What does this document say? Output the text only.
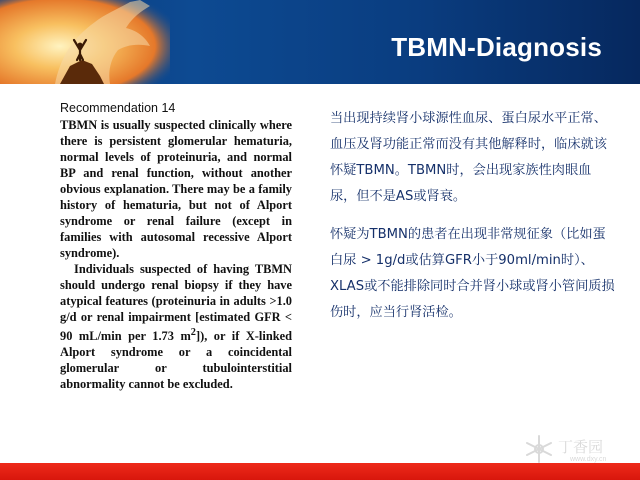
TBMN-Diagnosis
Recommendation 14

TBMN is usually suspected clinically where there is persistent glomerular hematuria, normal levels of proteinuria, and normal BP and renal function, without another obvious explanation. There may be a family history of hematuria, but not of Alport syndrome or renal failure (except in families with autosomal recessive Alport syndrome).

Individuals suspected of having TBMN should undergo renal biopsy if they have atypical features (proteinuria in adults >1.0 g/d or renal impairment [estimated GFR < 90 mL/min per 1.73 $m^2$]), or if X-linked Alport syndrome or a coincidental glomerular or tubulointerstitial abnormality cannot be excluded.

当出现持续肾小球源性血尿、蛋白尿水平正常、血压及肾功能正常而没有其他解释时，临床就该怀疑TBMN。TBMN时，会出现家族性肉眼血尿，但不是AS或肾衰。

怀疑为TBMN的患者在出现非常规征象（比如蛋白尿 > 1g/d或估算GFR小于90ml/min时）、XLAS或不能排除同时合并肾小球或肾小管间质损伤时，应当行肾活检。

丁香园
www.dxy.cn
